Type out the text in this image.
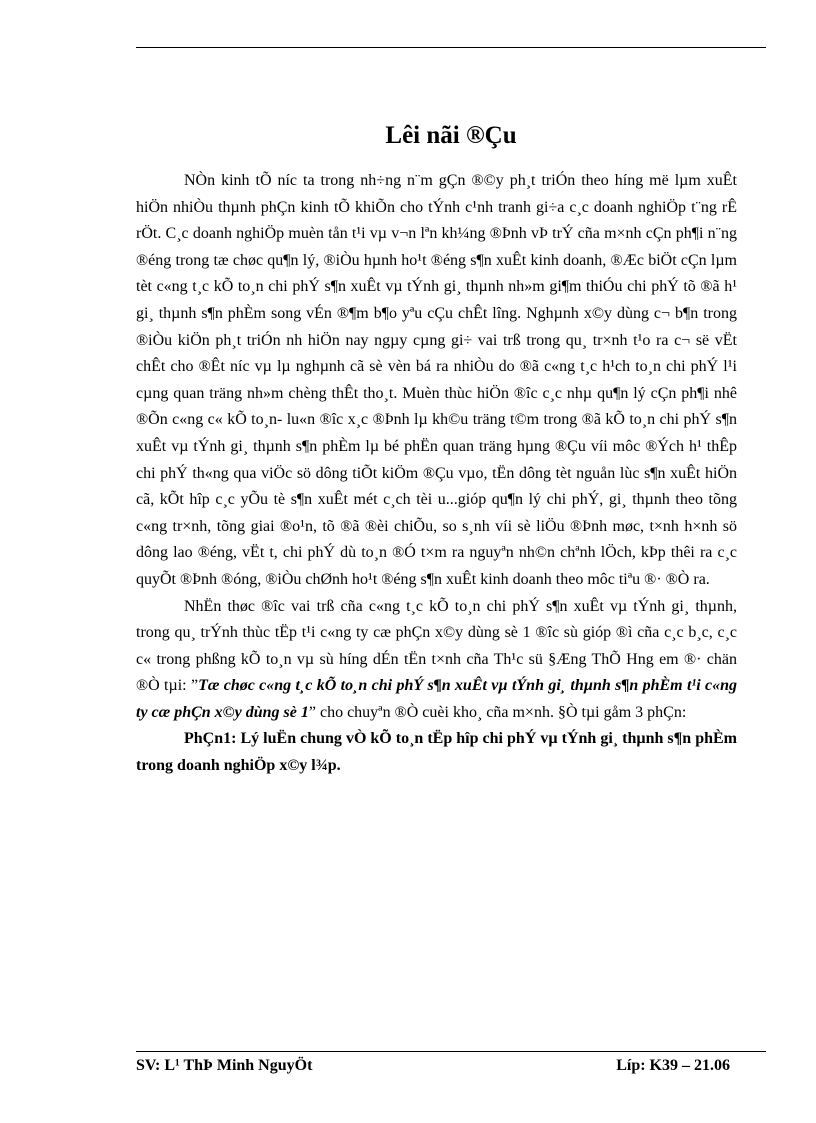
Lêi nãi ®Çu

NÒn kinh tÕ níc ta trong nh÷ng n¨m gÇn ®©y ph¸t triÓn theo híng më lµm xuÊt hiÖn nhiÒu thµnh phÇn kinh tÕ khiÕn cho tÝnh c¹nh tranh gi÷a c¸c doanh nghiÖp t¨ng rÊ rÖt. C¸c doanh nghiÖp muèn tån t¹i vµ v¬n lªn kh¼ng ®Þnh vÞ trÝ cña m×nh cÇn ph¶i n¨ng ®éng trong tæ chøc qu¶n lý, ®iÒu hµnh ho¹t ®éng s¶n xuÊt kinh doanh, ®Æc biÖt cÇn lµm tèt c«ng t¸c kÕ to¸n chi phÝ s¶n xuÊt vµ tÝnh gi¸ thµnh nh»m gi¶m thiÓu chi phÝ tõ ®ã h¹ gi¸ thµnh s¶n phÈm song vÉn ®¶m b¶o yªu cÇu chÊt lîng. Nghµnh x©y dùng c¬ b¶n trong ®iÒu kiÖn ph¸t triÓn nh hiÖn nay ngµy cµng gi÷ vai trß trong qu¸ tr×nh t¹o ra c¬ së vËt chÊt cho ®Êt níc vµ lµ nghµnh cã sè vèn bá ra nhiÒu do ®ã c«ng t¸c h¹ch to¸n chi phÝ l¹i cµng quan träng nh»m chèng thÊt tho¸t. Muèn thùc hiÖn ®îc c¸c nhµ qu¶n lý cÇn ph¶i nhê ®Õn c«ng c« kÕ to¸n- lu«n ®îc x¸c ®Þnh lµ kh©u träng t©m trong ®ã kÕ to¸n chi phÝ s¶n xuÊt vµ tÝnh gi¸ thµnh s¶n phÈm lµ bé phËn quan träng hµng ®Çu víi môc ®Ých h¹ thÊp chi phÝ th«ng qua viÖc sö dông tiÕt kiÖm ®Çu vµo, tËn dông tèt nguån lùc s¶n xuÊt hiÖn cã, kÕt hîp c¸c yÕu tè s¶n xuÊt mét c¸ch tèi u...gióp qu¶n lý chi phÝ, gi¸ thµnh theo tõng c«ng tr×nh, tõng giai ®o¹n, tõ ®ã ®èi chiÕu, so s¸nh víi sè liÖu ®Þnh møc, t×nh h×nh sö dông lao ®éng, vËt t, chi phÝ dù to¸n ®Ó t×m ra nguyªn nh©n chªnh lÖch, kÞp thêi ra c¸c quyÕt ®Þnh ®óng, ®iÒu chØnh ho¹t ®éng s¶n xuÊt kinh doanh theo môc tiªu ®· ®Ò ra.

NhËn thøc ®îc vai trß cña c«ng t¸c kÕ to¸n chi phÝ s¶n xuÊt vµ tÝnh gi¸ thµnh, trong qu¸ trÝnh thùc tËp t¹i c«ng ty cæ phÇn x©y dùng sè 1 ®îc sù gióp ®ì cña c¸c b¸c, c¸c c« trong phßng kÕ to¸n vµ sù híng dÉn tËn t×nh cña Th¹c sü §Æng ThÕ Hng em ®· chän ®Ò tµi: ”Tæ chøc c«ng t¸c kÕ to¸n chi phÝ s¶n xuÊt vµ tÝnh gi¸ thµnh s¶n phÈm t¹i c«ng ty cæ phÇn x©y dùng sè 1” cho chuyªn ®Ò cuèi kho¸ cña m×nh. §Ò tµi gåm 3 phÇn:

PhÇn1: Lý luËn chung vÒ kÕ to¸n tËp hîp chi phÝ vµ tÝnh gi¸ thµnh s¶n phÈm trong doanh nghiÖp x©y l¾p.

SV: L¹ ThÞ Minh NguyÖt	Líp: K39 – 21.06
